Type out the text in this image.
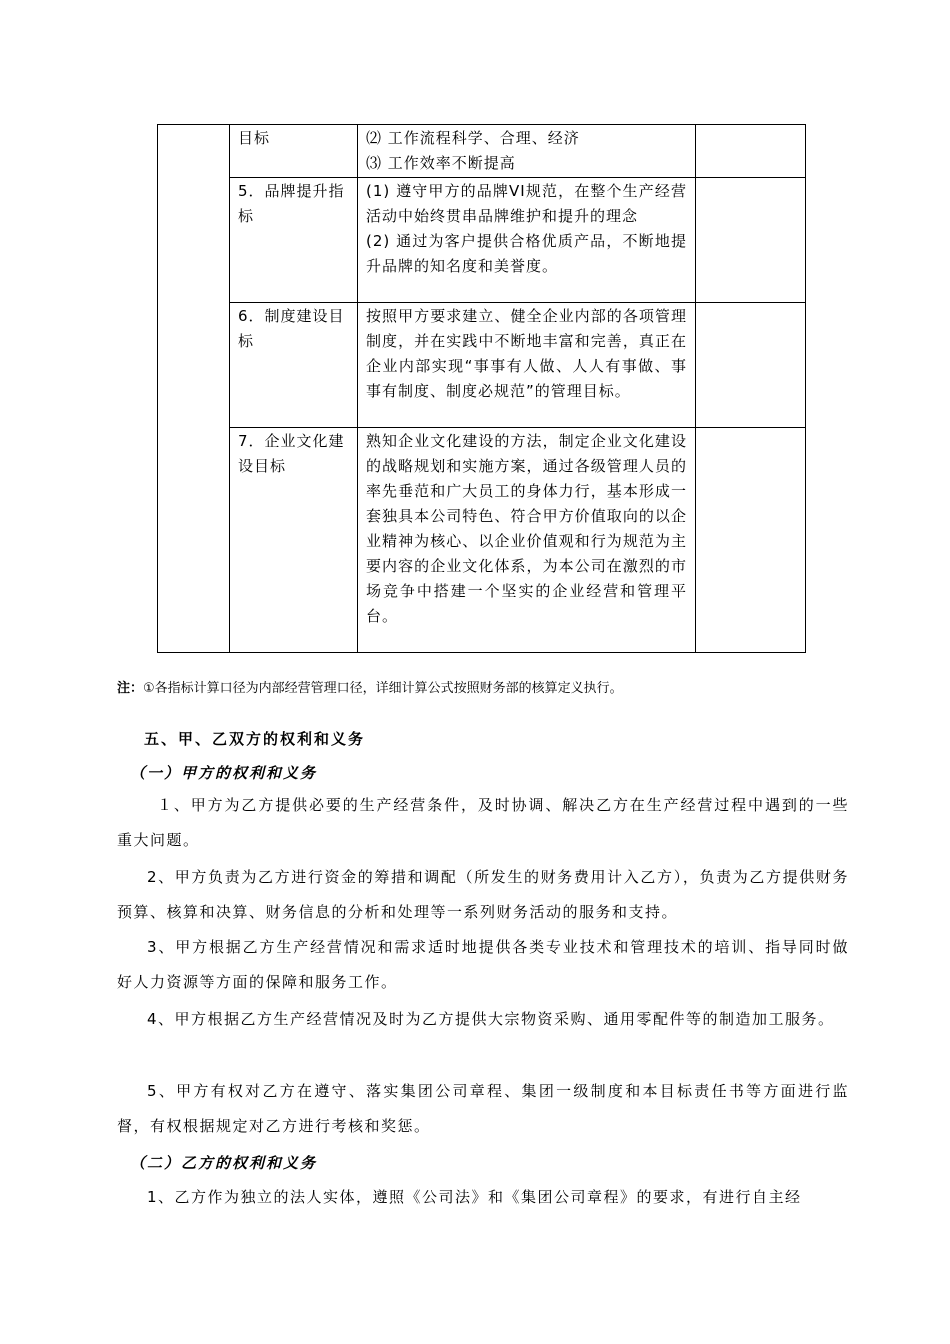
	目标	⑵ 工作流程科学、合理、经济
⑶ 工作效率不断提高	

	5．品牌提升指标	(1) 遵守甲方的品牌VI规范，在整个生产经营活动中始终贯串品牌维护和提升的理念
(2) 通过为客户提供合格优质产品，不断地提升品牌的知名度和美誉度。	

	6．制度建设目标	按照甲方要求建立、健全企业内部的各项管理制度，并在实践中不断地丰富和完善，真正在企业内部实现“事事有人做、人人有事做、事事有制度、制度必规范”的管理目标。	

	7．企业文化建设目标	熟知企业文化建设的方法，制定企业文化建设的战略规划和实施方案，通过各级管理人员的率先垂范和广大员工的身体力行，基本形成一套独具本公司特色、符合甲方价值取向的以企业精神为核心、以企业价值观和行为规范为主要内容的企业文化体系，为本公司在激烈的市场竞争中搭建一个坚实的企业经营和管理平台。	

注：①各指标计算口径为内部经营管理口径，详细计算公式按照财务部的核算定义执行。
五、甲、乙双方的权利和义务
（一）甲方的权利和义务
１、甲方为乙方提供必要的生产经营条件，及时协调、解决乙方在生产经营过程中遇到的一些重大问题。
2、甲方负责为乙方进行资金的筹措和调配（所发生的财务费用计入乙方），负责为乙方提供财务预算、核算和决算、财务信息的分析和处理等一系列财务活动的服务和支持。
3、甲方根据乙方生产经营情况和需求适时地提供各类专业技术和管理技术的培训、指导同时做好人力资源等方面的保障和服务工作。
4、甲方根据乙方生产经营情况及时为乙方提供大宗物资采购、通用零配件等的制造加工服务。
5、甲方有权对乙方在遵守、落实集团公司章程、集团一级制度和本目标责任书等方面进行监督，有权根据规定对乙方进行考核和奖惩。
（二）乙方的权利和义务
1、乙方作为独立的法人实体，遵照《公司法》和《集团公司章程》的要求，有进行自主经
